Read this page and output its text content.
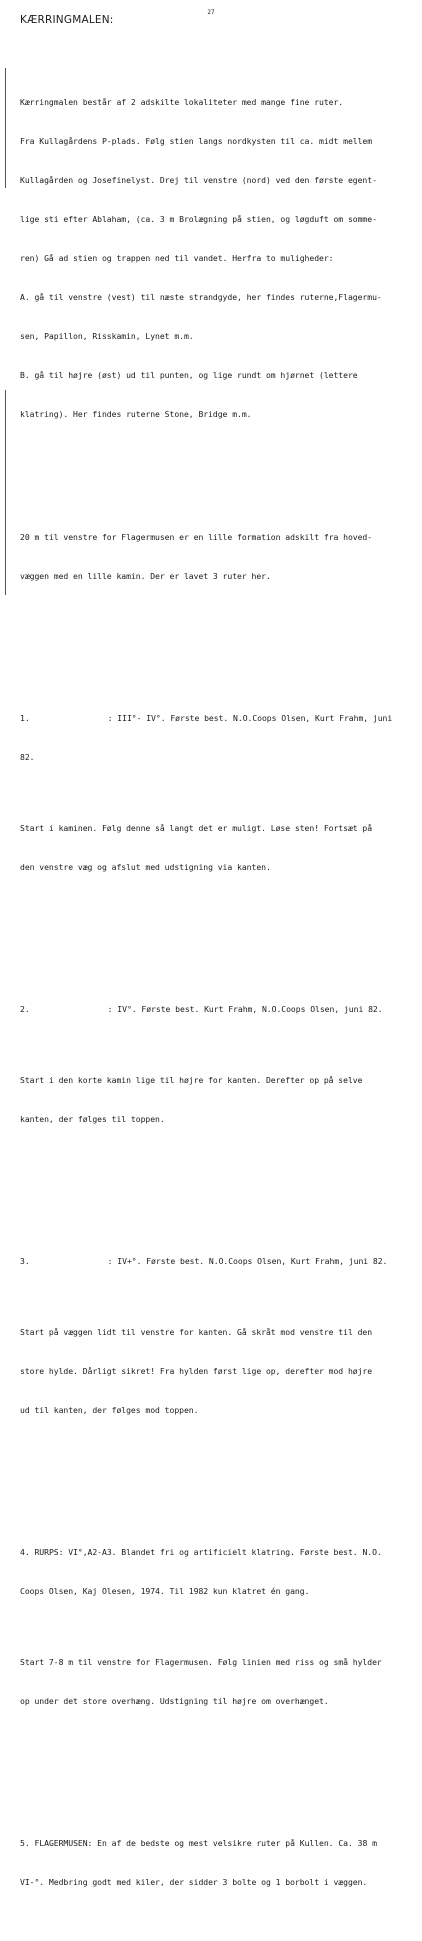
27
KÆRRINGMALEN:

Kærringmalen består af 2 adskilte lokaliteter med mange fine ruter.

Fra Kullagårdens P-plads. Følg stien langs nordkysten til ca. midt mellem

Kullagården og Josefinelyst. Drej til venstre (nord) ved den første egent-

lige sti efter Ablaham, (ca. 3 m Brolægning på stien, og løgduft om somme-

ren) Gå ad stien og trappen ned til vandet. Herfra to muligheder:

A. gå til venstre (vest) til næste strandgyde, her findes ruterne,Flagermu-

sen, Papillon, Risskamin, Lynet m.m.

B. gå til højre (øst) ud til punten, og lige rundt om hjørnet (lettere

klatring). Her findes ruterne Stone, Bridge m.m.

20 m til venstre for Flagermusen er en lille formation adskilt fra hoved-

væggen med en lille kamin. Der er lavet 3 ruter her.

1.	: III°- IV°. Første best. N.O.Coops Olsen, Kurt Frahm, juni

82.

Start i kaminen. Følg denne så langt det er muligt. Løse sten! Fortsæt på

den venstre væg og afslut med udstigning via kanten.

2.	: IV°. Første best. Kurt Frahm, N.O.Coops Olsen, juni 82.

Start i den korte kamin lige til højre for kanten. Derefter op på selve

kanten, der følges til toppen.

3.	: IV+°. Første best. N.O.Coops Olsen, Kurt Frahm, juni 82.

Start på væggen lidt til venstre for kanten. Gå skråt mod venstre til den

store hylde. Dårligt sikret! Fra hylden først lige op, derefter mod højre

ud til kanten, der følges mod toppen.

4. RURPS: VI°,A2-A3. Blandet fri og artificielt klatring. Første best. N.O.

Coops Olsen, Kaj Olesen, 1974. Til 1982 kun klatret én gang.

Start 7-8 m til venstre for Flagermusen. Følg linien med riss og små hylder

op under det store overhæng. Udstigning til højre om overhænget.

5. FLAGERMUSEN: En af de bedste og mest velsikre ruter på Kullen. Ca. 38 m

VI-°. Medbring godt med kiler, der sidder 3 bolte og 1 borbolt i væggen.
